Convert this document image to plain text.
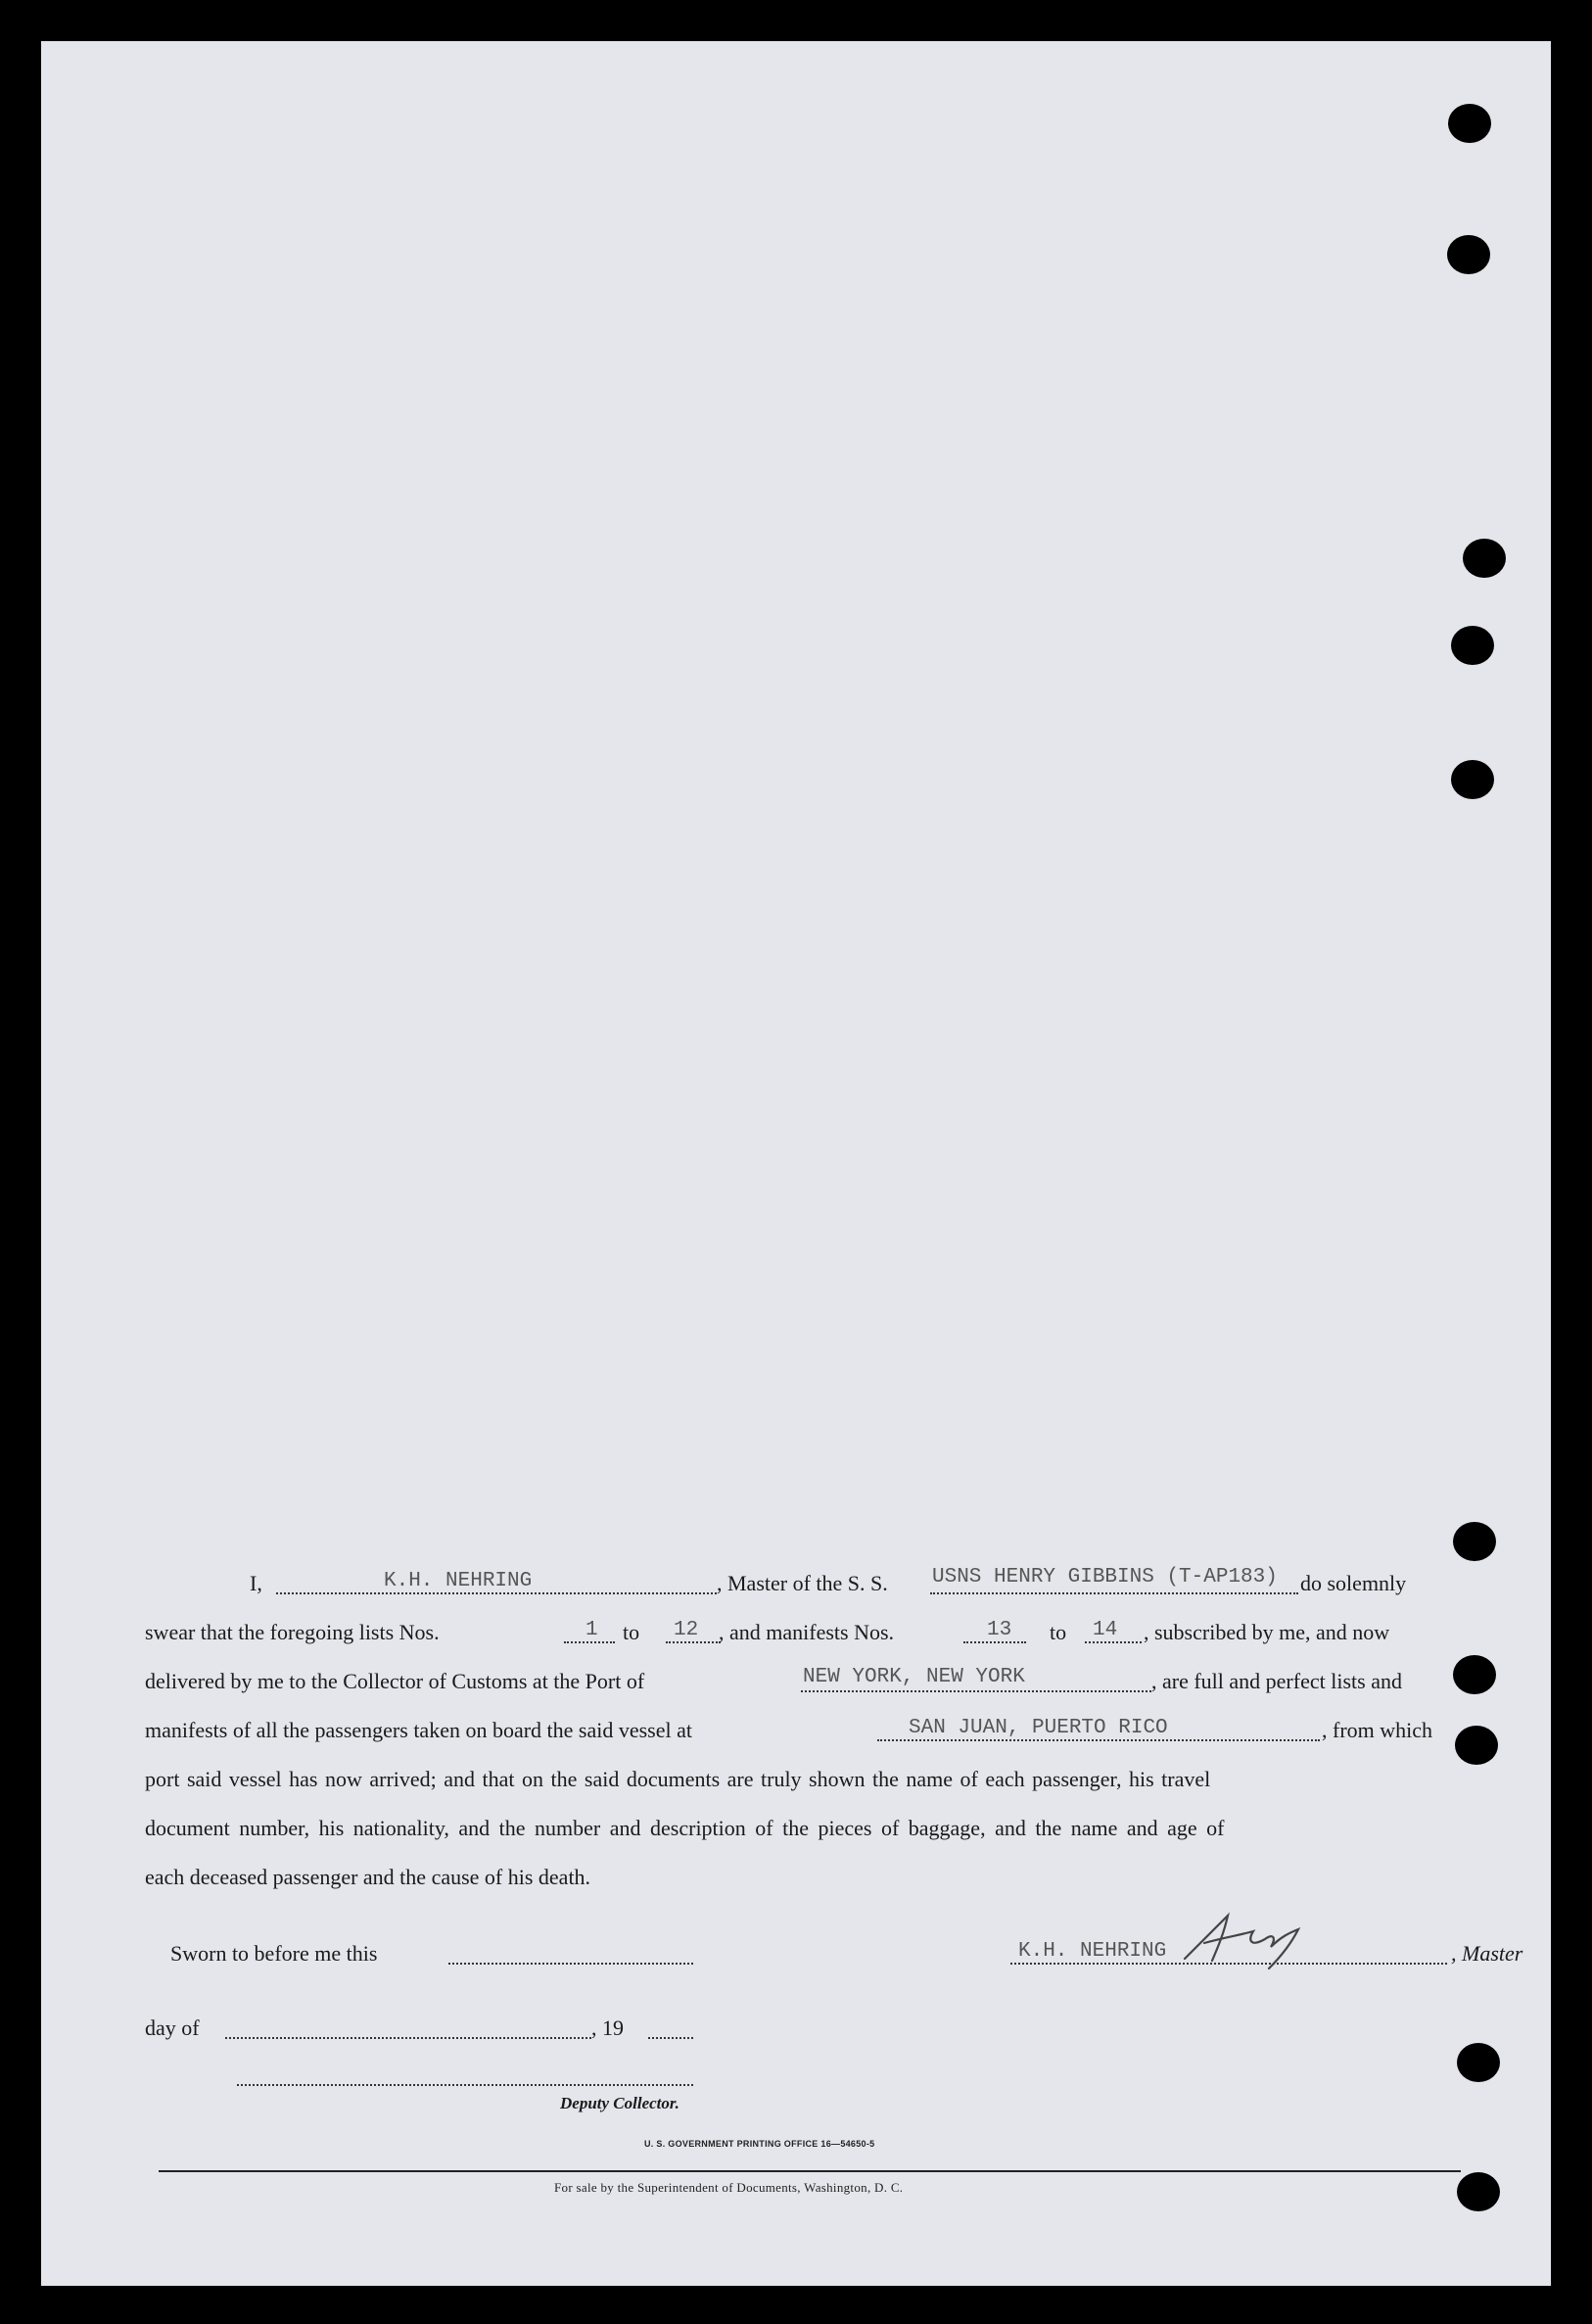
I,	K.H. NEHRING	, Master of the S. S. USNS HENRY GIBBINS (T-AP183) do solemnly
swear that the foregoing lists Nos.	1 to 12 , and manifests Nos.	13 to 14 , subscribed by me, and now
delivered by me to the Collector of Customs at the Port of	NEW YORK, NEW YORK	, are full and perfect lists and
manifests of all the passengers taken on board the said vessel at	SAN JUAN, PUERTO RICO	, from which
port said vessel has now arrived; and that on the said documents are truly shown the name of each passenger, his travel
document number, his nationality, and the number and description of the pieces of baggage, and the name and age of
each deceased passenger and the cause of his death.
Sworn to before me this	K.H. NEHRING	, Master
day of	, 19
Deputy Collector.
U. S. GOVERNMENT PRINTING OFFICE 16—54650-5
For sale by the Superintendent of Documents, Washington, D. C.
